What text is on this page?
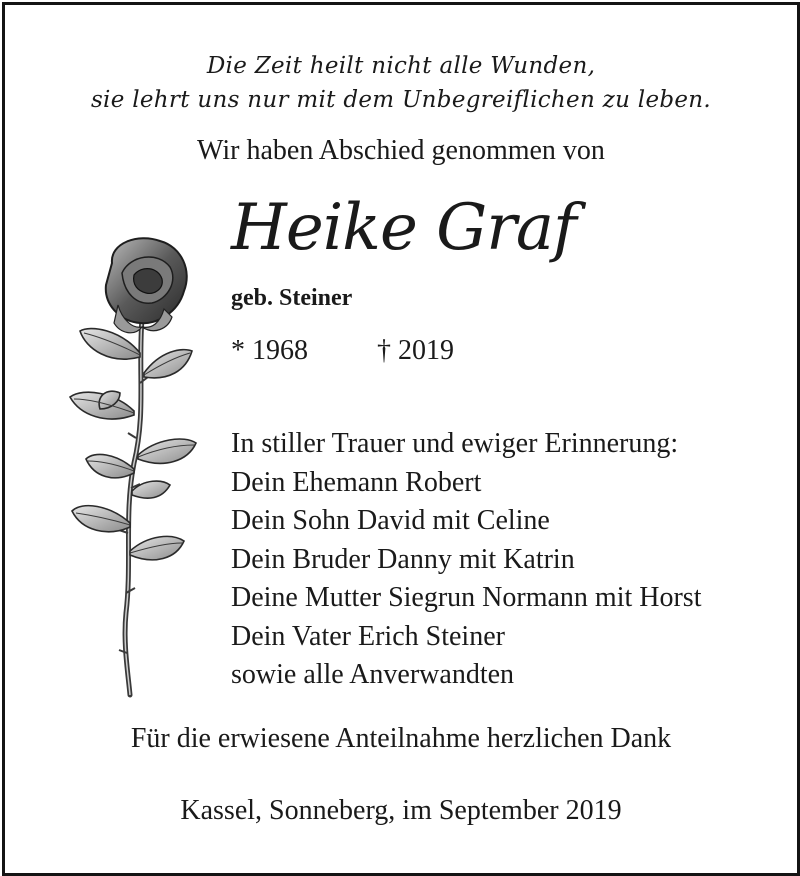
Die Zeit heilt nicht alle Wunden,
sie lehrt uns nur mit dem Unbegreiflichen zu leben.
Wir haben Abschied genommen von
Heike Graf
geb. Steiner
* 1968 † 2019
In stiller Trauer und ewiger Erinnerung:
Dein Ehemann Robert
Dein Sohn David mit Celine
Dein Bruder Danny mit Katrin
Deine Mutter Siegrun Normann mit Horst
Dein Vater Erich Steiner
sowie alle Anverwandten
Für die erwiesene Anteilnahme herzlichen Dank
Kassel, Sonneberg, im September 2019
